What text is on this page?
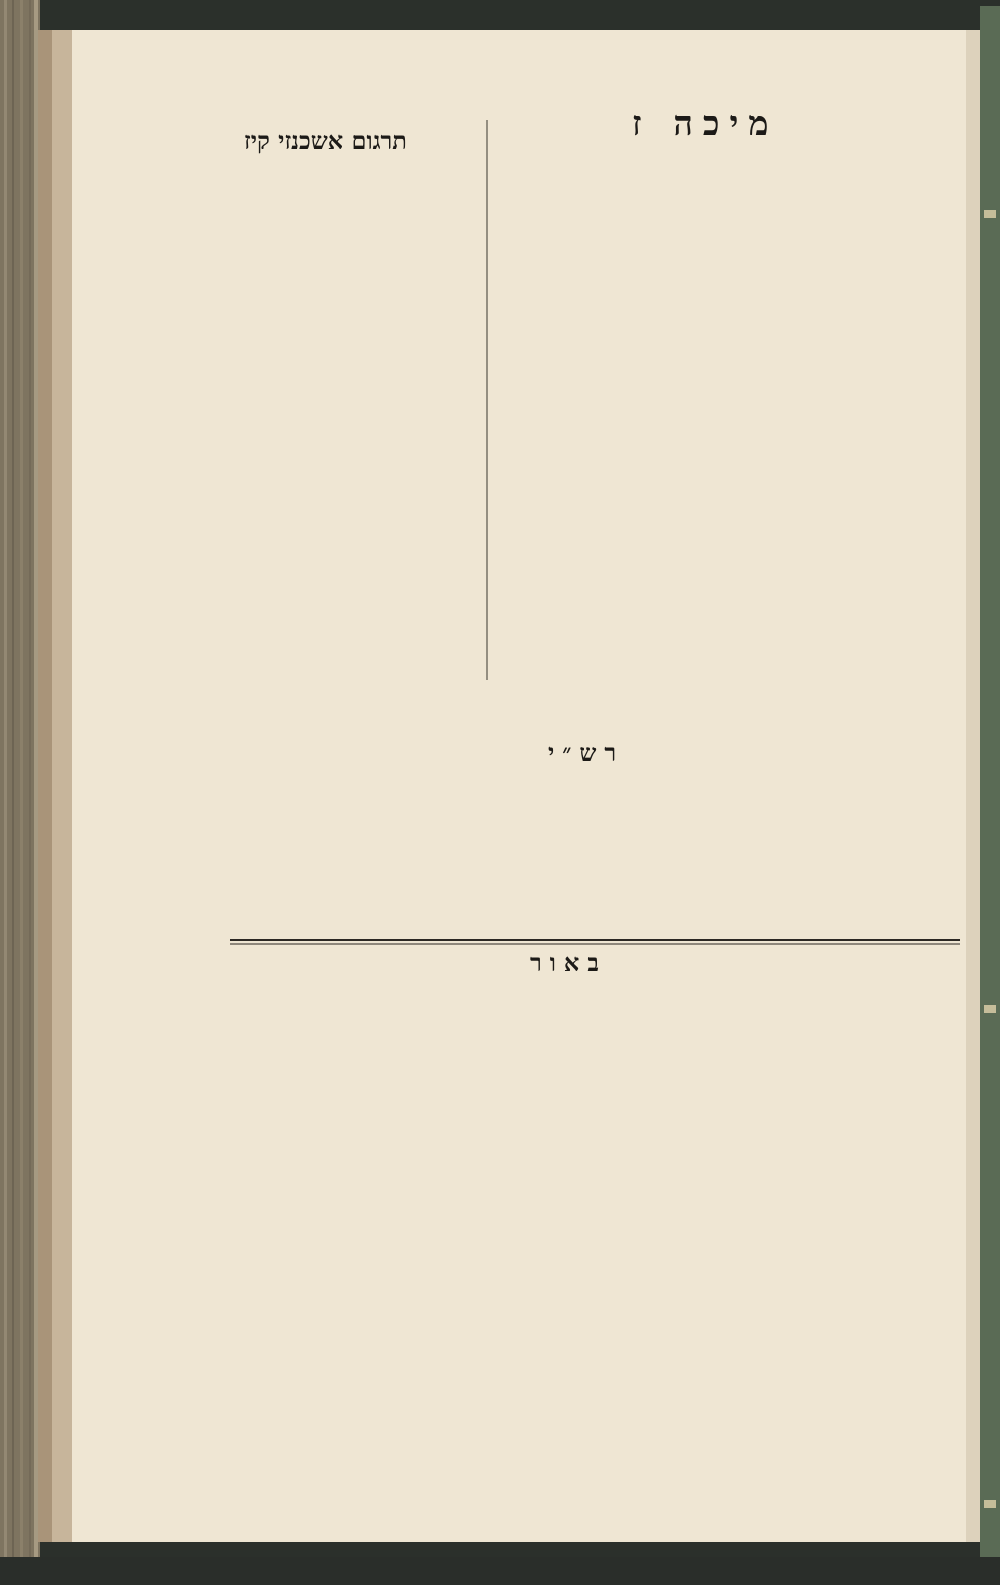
מיכה ז
תרגום אשכנזי קיז
רש״י
באור
